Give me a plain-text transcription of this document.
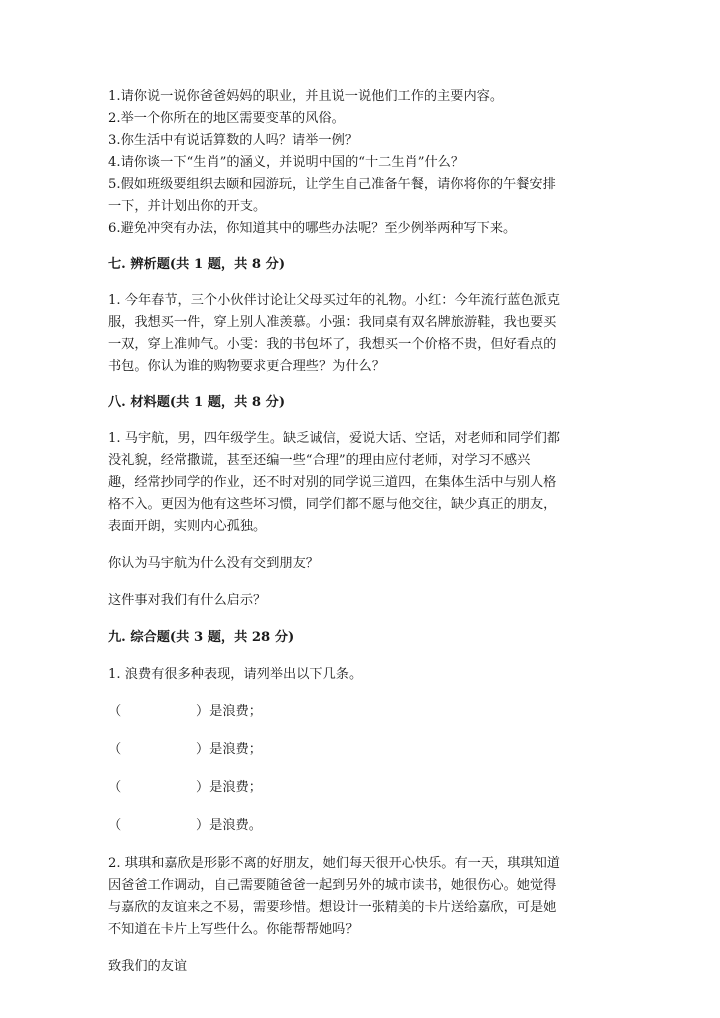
1.请你说一说你爸爸妈妈的职业，并且说一说他们工作的主要内容。

2.举一个你所在的地区需要变革的风俗。

3.你生活中有说话算数的人吗？请举一例？

4.请你谈一下“生肖”的涵义，并说明中国的“十二生肖”什么？

5.假如班级要组织去颐和园游玩，让学生自己准备午餐，请你将你的午餐安排

一下，并计划出你的开支。

6.避免冲突有办法，你知道其中的哪些办法呢？至少例举两种写下来。

七. 辨析题(共 1 题，共 8 分)

1. 今年春节，三个小伙伴讨论让父母买过年的礼物。小红：今年流行蓝色派克

服，我想买一件，穿上别人准羡慕。小强：我同桌有双名牌旅游鞋，我也要买

一双，穿上准帅气。小雯：我的书包坏了，我想买一个价格不贵，但好看点的

书包。你认为谁的购物要求更合理些？为什么？

八. 材料题(共 1 题，共 8 分)

1. 马宇航，男，四年级学生。缺乏诚信，爱说大话、空话，对老师和同学们都

没礼貌，经常撒谎，甚至还编一些“合理”的理由应付老师，对学习不感兴

趣，经常抄同学的作业，还不时对别的同学说三道四，在集体生活中与别人格

格不入。更因为他有这些坏习惯，同学们都不愿与他交往，缺少真正的朋友，

表面开朗，实则内心孤独。

你认为马宇航为什么没有交到朋友？

这件事对我们有什么启示？

九. 综合题(共 3 题，共 28 分)

1. 浪费有很多种表现，请列举出以下几条。

（	）是浪费；

（	）是浪费；

（	）是浪费；

（	）是浪费。

2. 琪琪和嘉欣是形影不离的好朋友，她们每天很开心快乐。有一天，琪琪知道

因爸爸工作调动，自己需要随爸爸一起到另外的城市读书，她很伤心。她觉得

与嘉欣的友谊来之不易，需要珍惜。想设计一张精美的卡片送给嘉欣，可是她

不知道在卡片上写些什么。你能帮帮她吗？

致我们的友谊
